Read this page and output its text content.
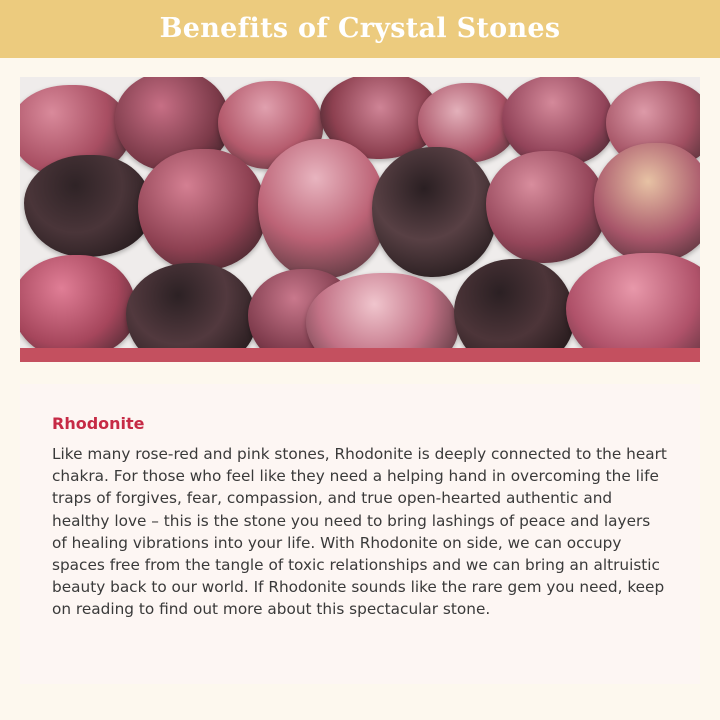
Benefits of Crystal Stones
Rhodonite

Like many rose-red and pink stones, Rhodonite is deeply connected to the heart chakra. For those who feel like they need a helping hand in overcoming the life traps of forgives, fear, compassion, and true open-hearted authentic and healthy love – this is the stone you need to bring lashings of peace and layers of healing vibrations into your life. With Rhodonite on side, we can occupy spaces free from the tangle of toxic relationships and we can bring an altruistic beauty back to our world. If Rhodonite sounds like the rare gem you need, keep on reading to find out more about this spectacular stone.
